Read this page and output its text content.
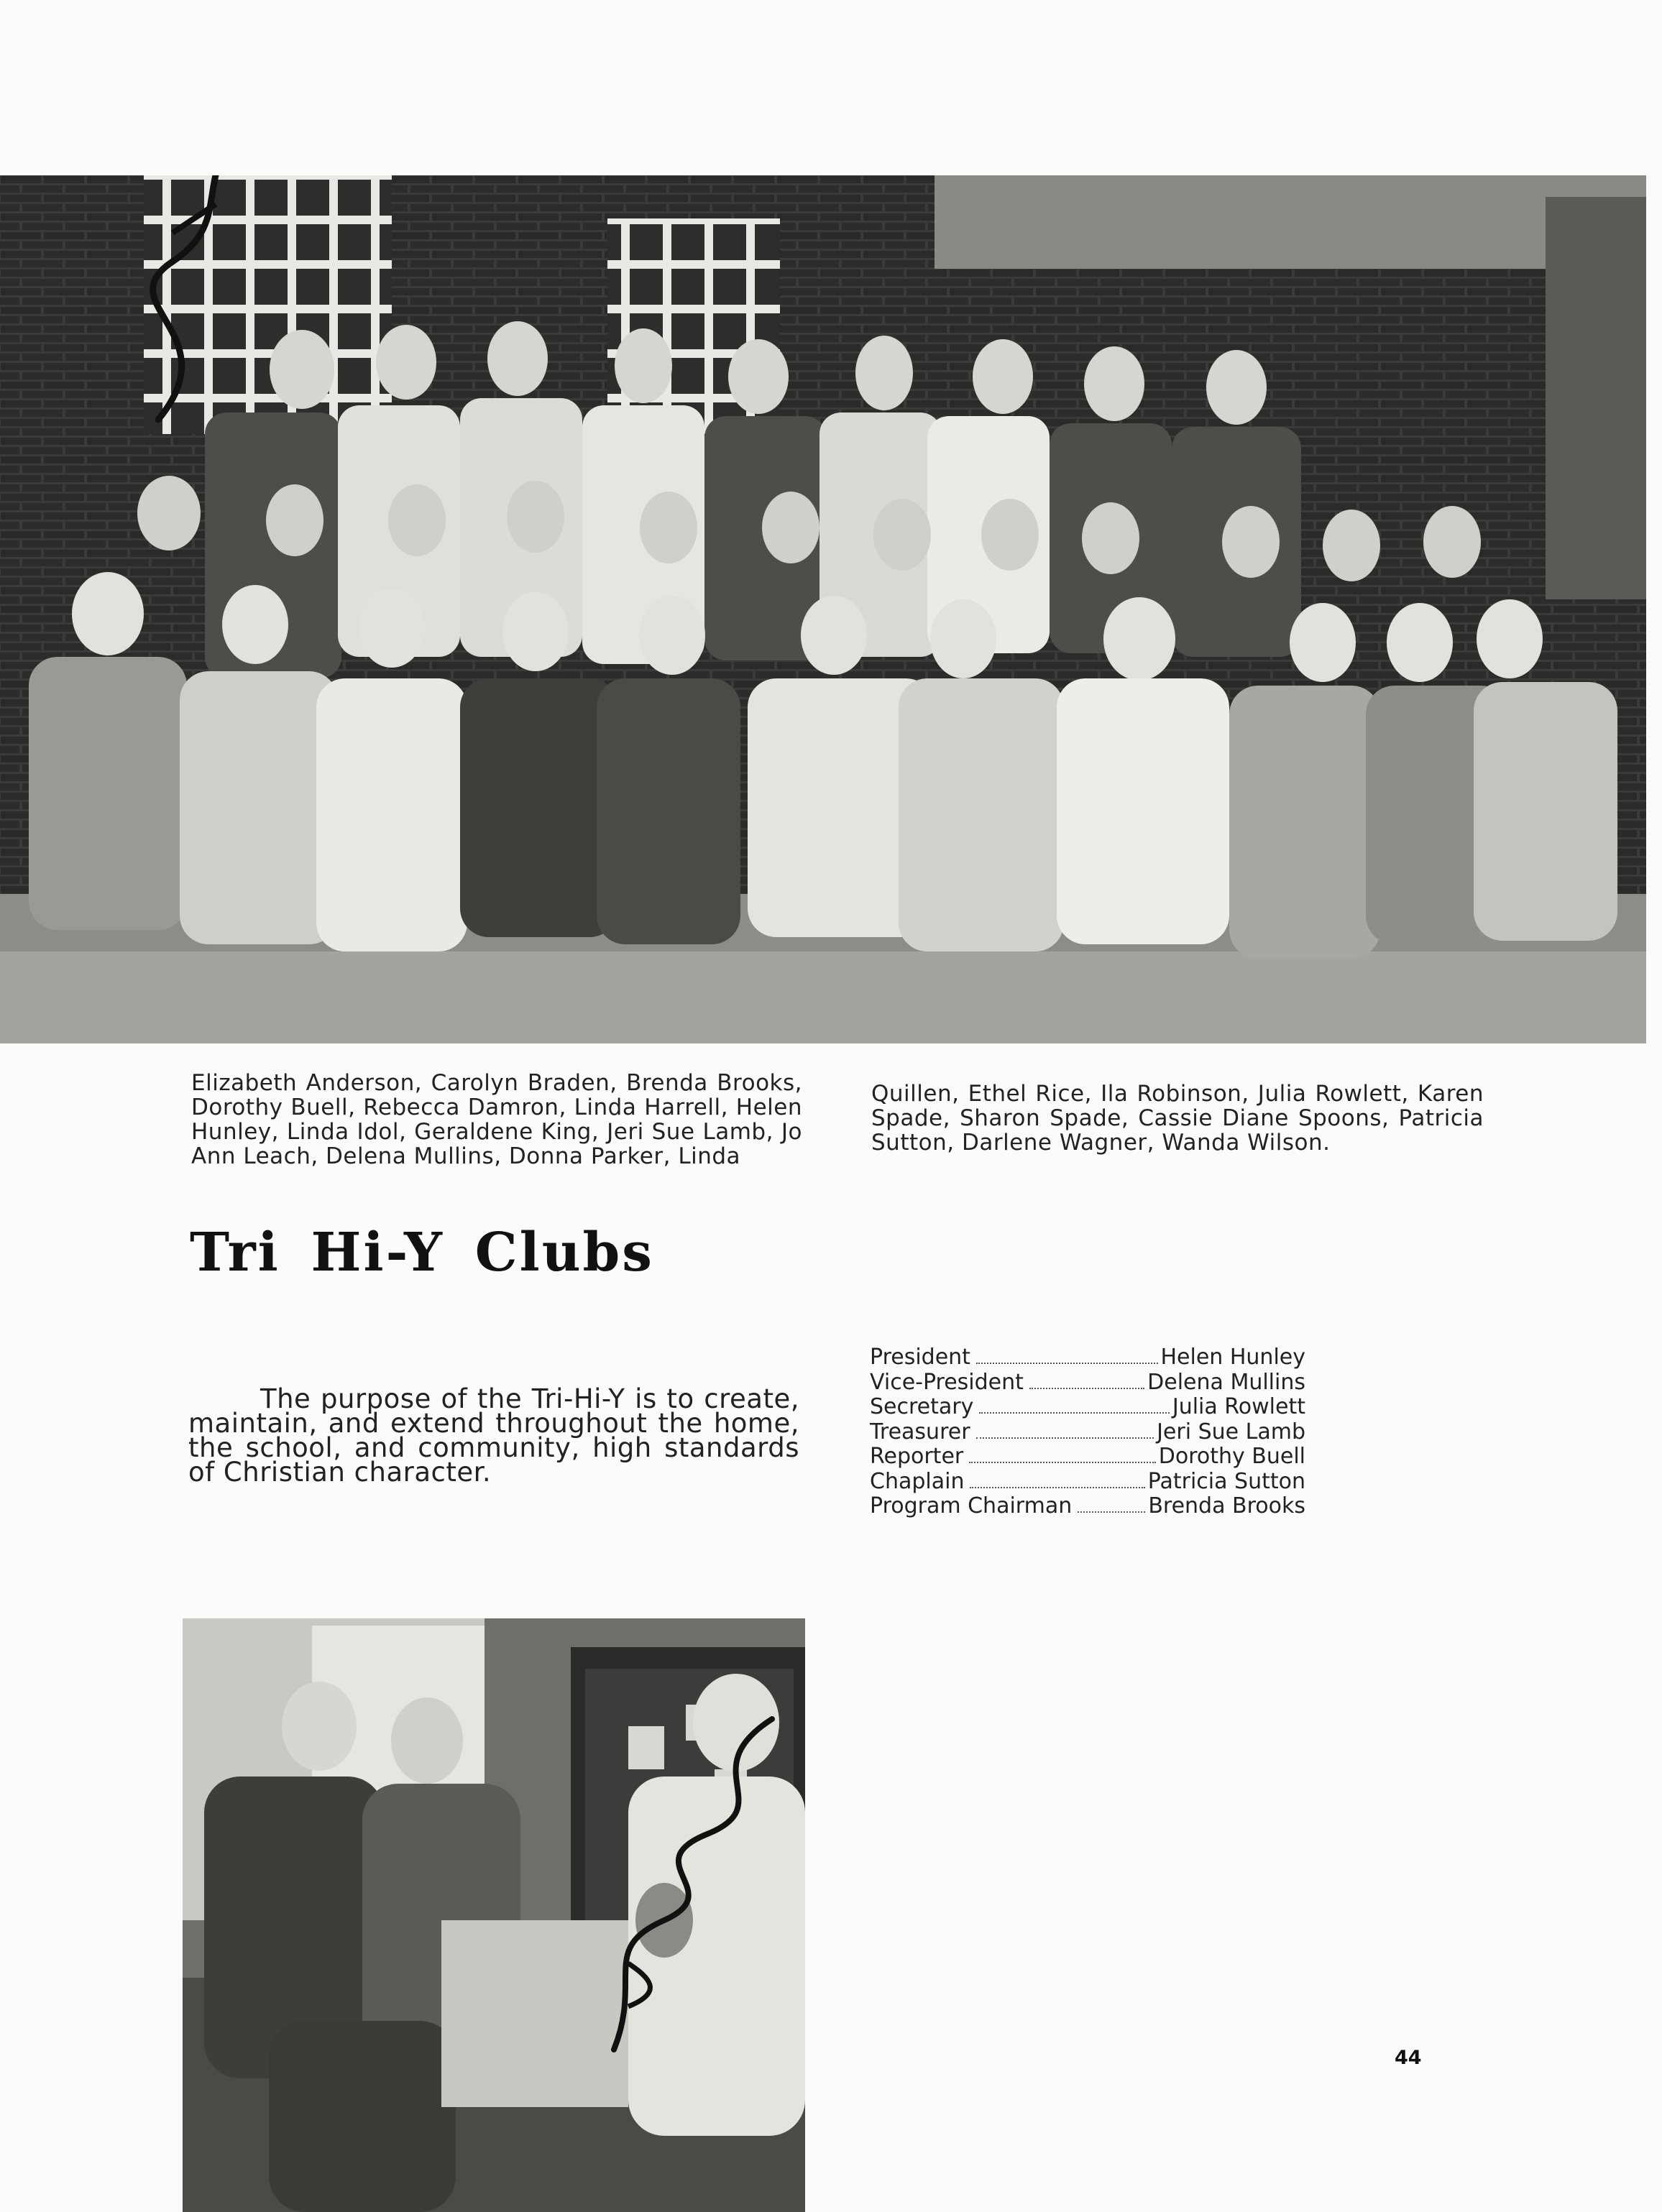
Elizabeth Anderson, Carolyn Braden, Brenda Brooks, Dorothy Buell, Rebecca Damron, Linda Harrell, Helen Hunley, Linda Idol, Geraldene King, Jeri Sue Lamb, Jo Ann Leach, Delena Mullins, Donna Parker, Linda
Quillen, Ethel Rice, Ila Robinson, Julia Rowlett, Karen Spade, Sharon Spade, Cassie Diane Spoons, Patricia Sutton, Darlene Wagner, Wanda Wilson.
Tri Hi-Y Clubs
The purpose of the Tri-Hi-Y is to create, maintain, and extend throughout the home, the school, and community, high standards of Christian character.
President	Helen Hunley
Vice-President	Delena Mullins
Secretary	Julia Rowlett
Treasurer	Jeri Sue Lamb
Reporter	Dorothy Buell
Chaplain	Patricia Sutton
Program Chairman	Brenda Brooks
44
